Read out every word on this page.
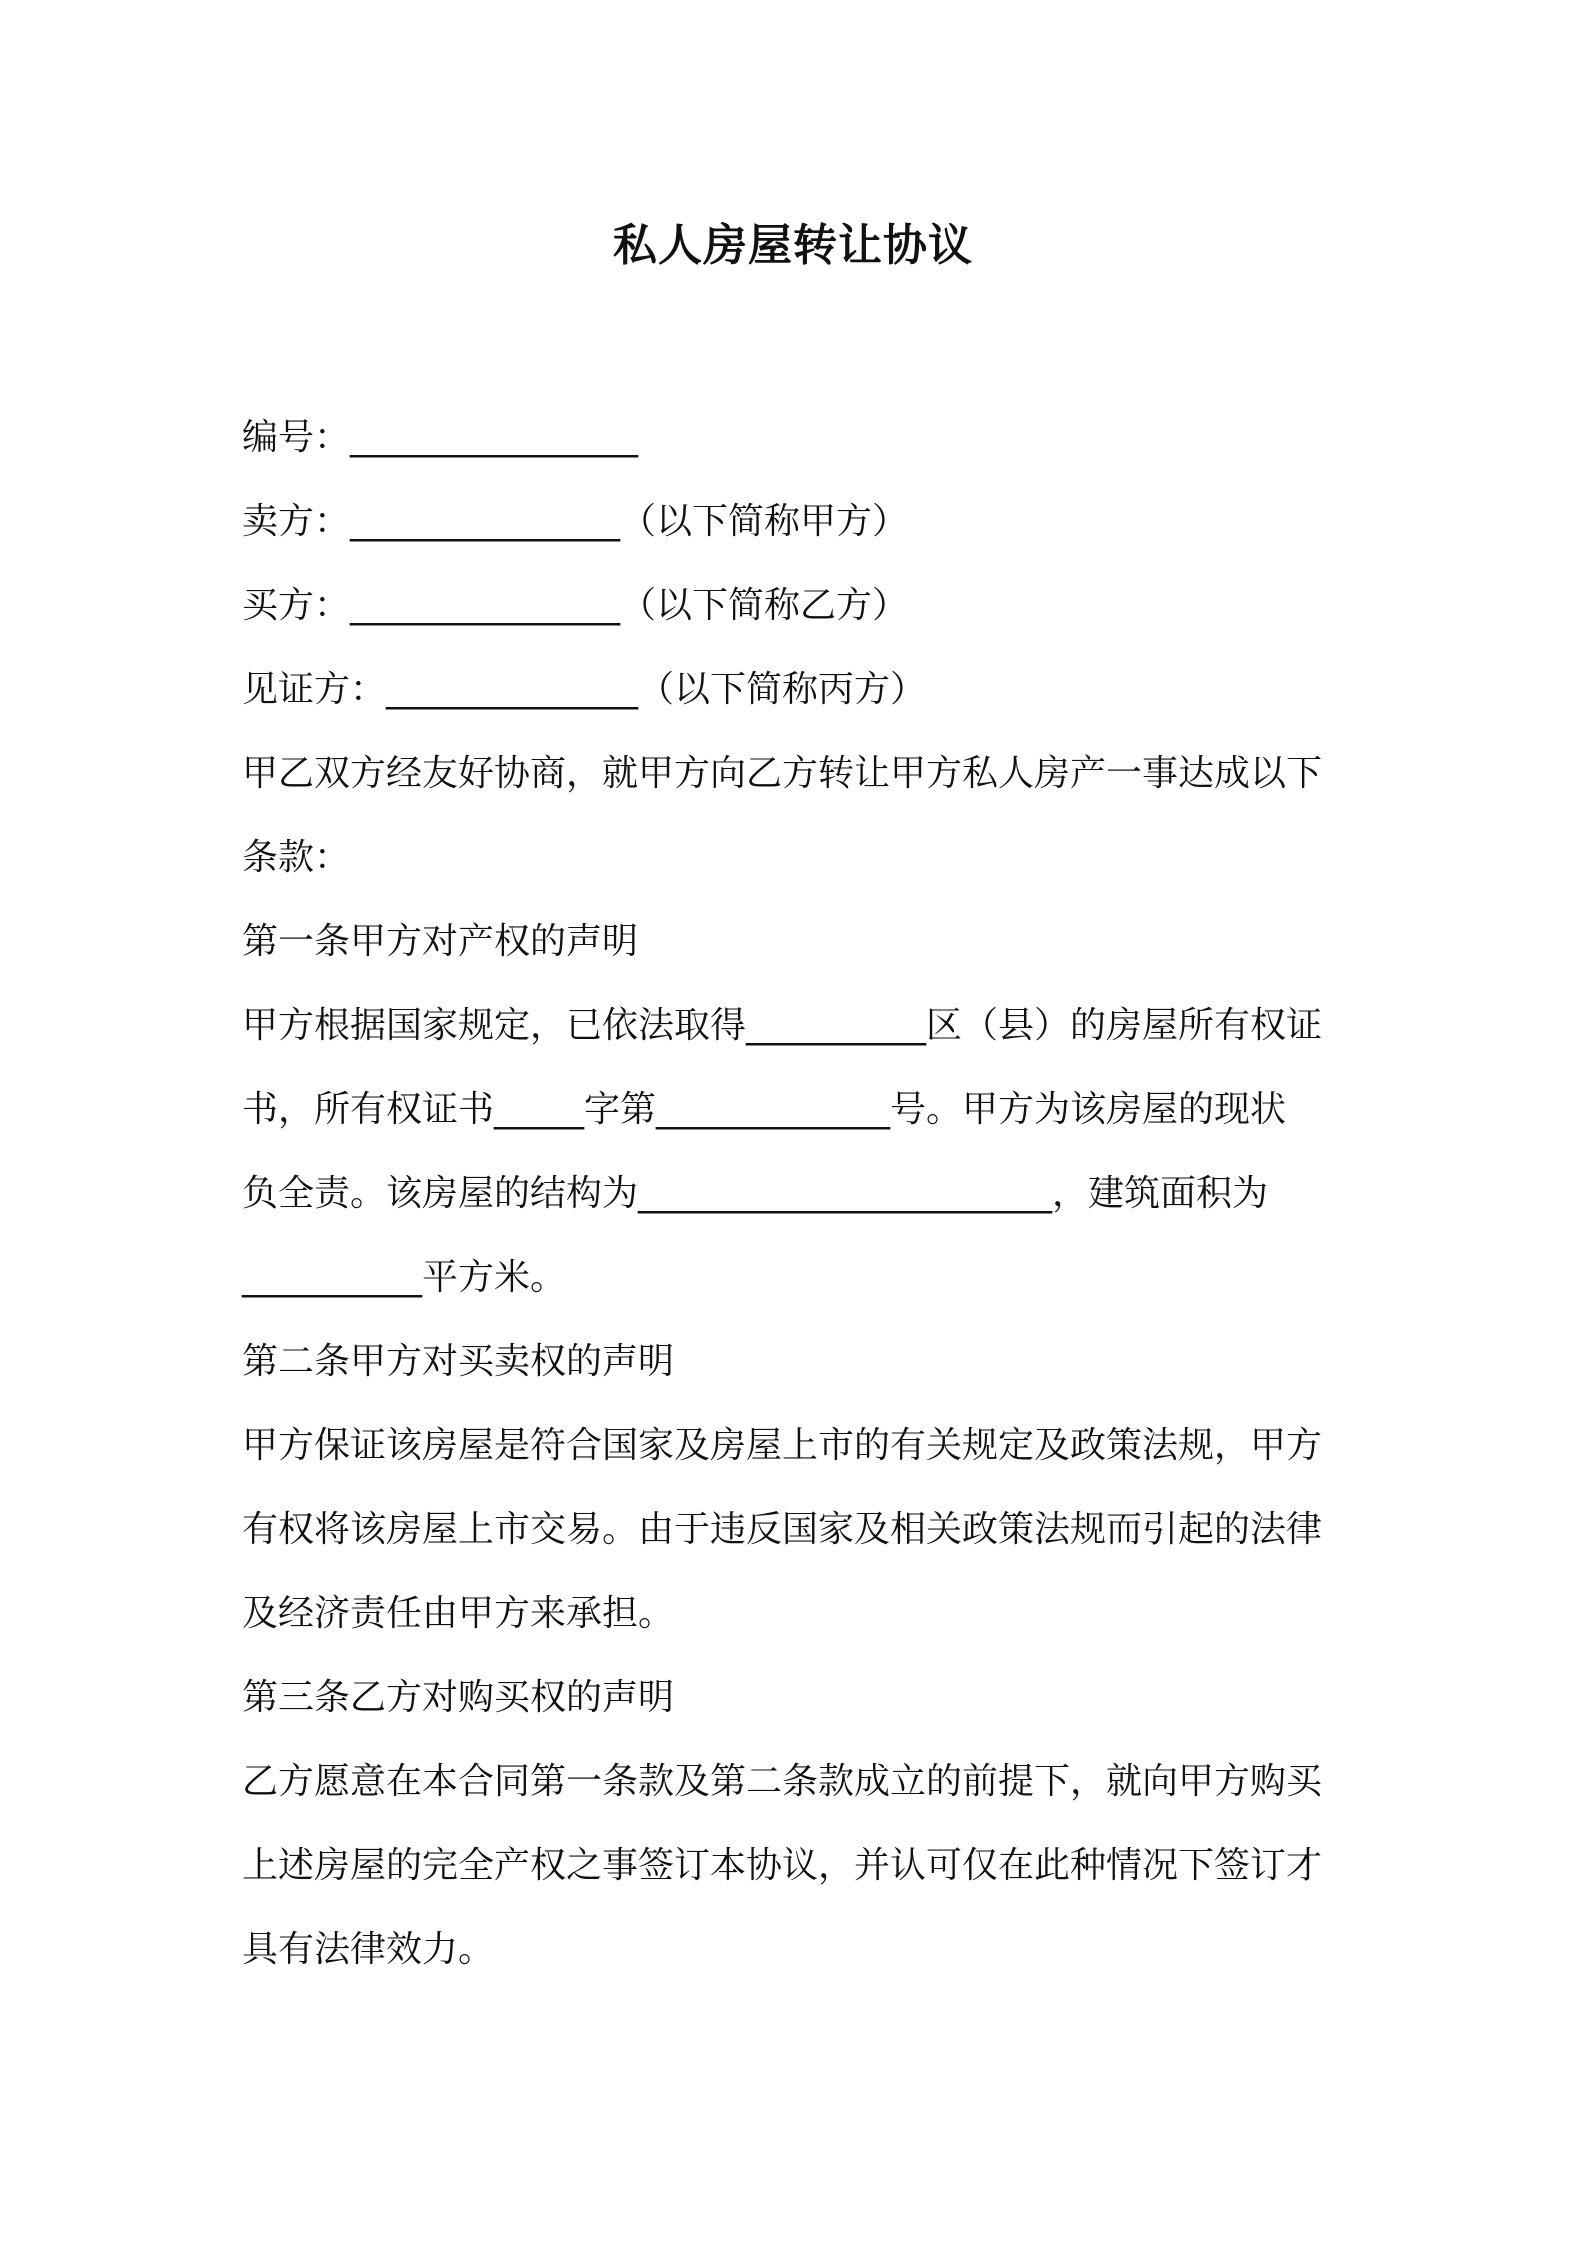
私人房屋转让协议
编号：________________
卖方：_______________（以下简称甲方）
买方：_______________（以下简称乙方）
见证方：______________（以下简称丙方）
甲乙双方经友好协商，就甲方向乙方转让甲方私人房产一事达成以下
条款：
第一条甲方对产权的声明
甲方根据国家规定，已依法取得__________区（县）的房屋所有权证
书，所有权证书_____字第_____________号。甲方为该房屋的现状
负全责。该房屋的结构为_______________________，建筑面积为
__________平方米。
第二条甲方对买卖权的声明
甲方保证该房屋是符合国家及房屋上市的有关规定及政策法规，甲方
有权将该房屋上市交易。由于违反国家及相关政策法规而引起的法律
及经济责任由甲方来承担。
第三条乙方对购买权的声明
乙方愿意在本合同第一条款及第二条款成立的前提下，就向甲方购买
上述房屋的完全产权之事签订本协议，并认可仅在此种情况下签订才
具有法律效力。
